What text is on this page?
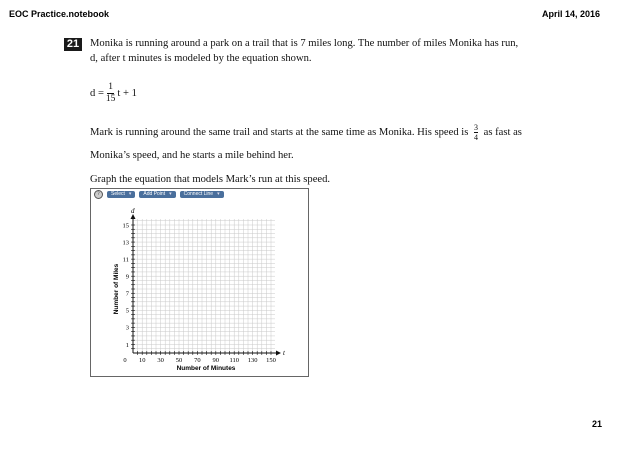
EOC Practice.notebook	April 14, 2016
21 Monika is running around a park on a trail that is 7 miles long. The number of miles Monika has run,
d, after t minutes is modeled by the equation shown.
$d = \frac{1}{15}$ t + 1
Mark is running around the same trail and starts at the same time as Monika. His speed is $\frac{3}{4}$ as fast as
Monika’s speed, and he starts a mile behind her.
Graph the equation that models Mark’s run at this speed.
?	Select ▾ Add Point ▾ Connect Line ▾
0 10 30 50 70 90 110 130 150
1
3
5
7
9
11
13
15
d
t
Number of Miles
Number of Minutes
21
